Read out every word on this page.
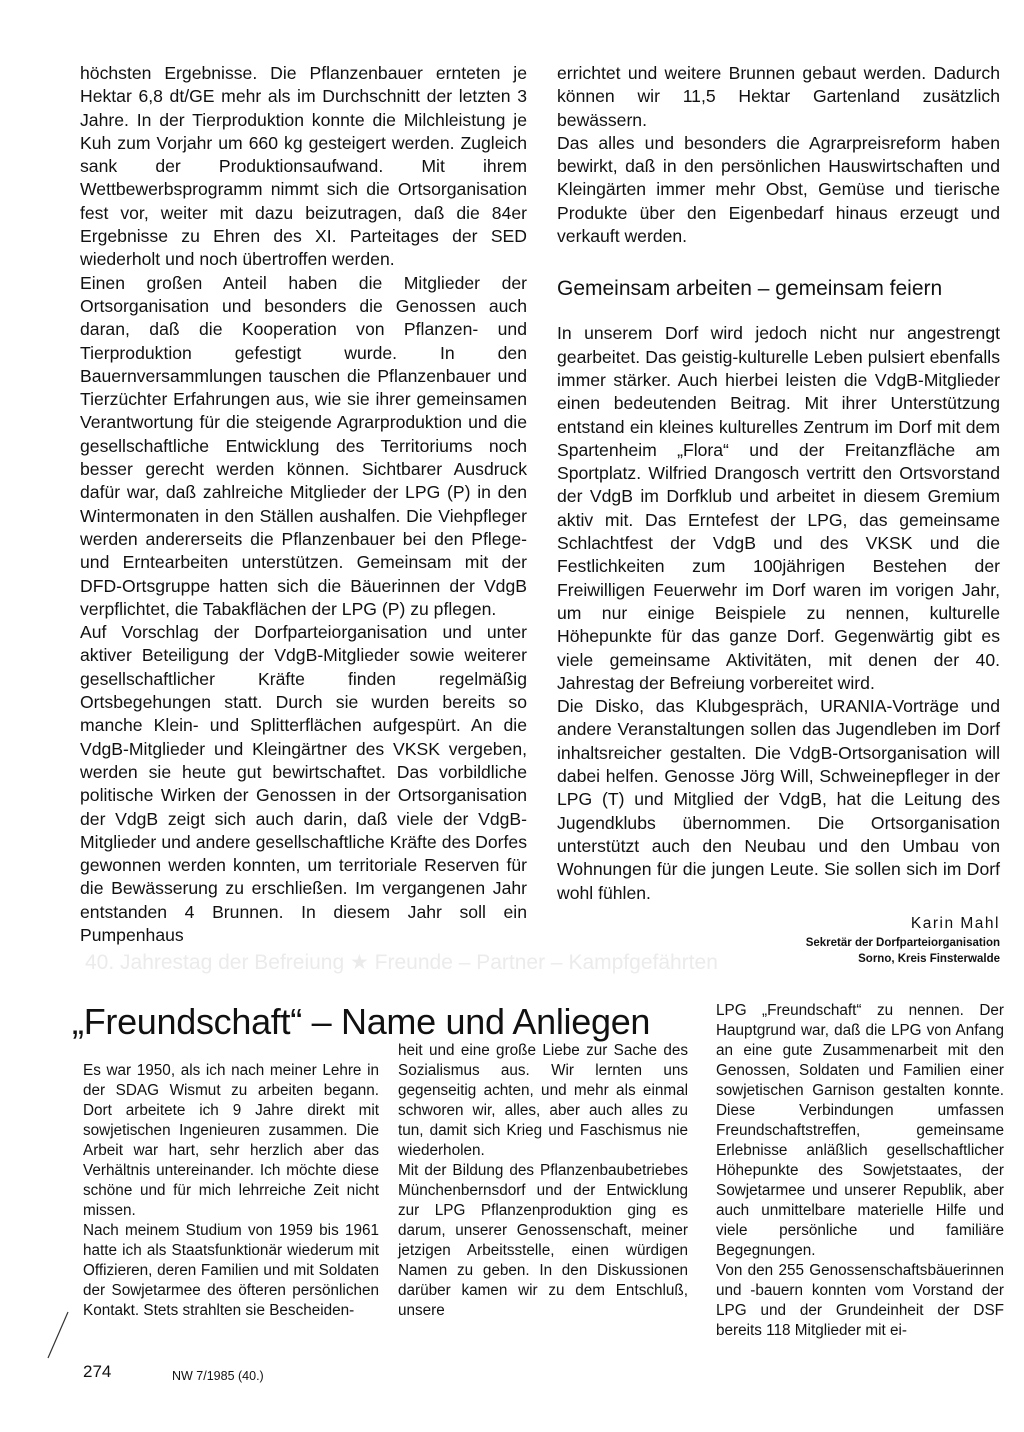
höchsten Ergebnisse. Die Pflanzenbauer ernteten je Hektar 6,8 dt/GE mehr als im Durchschnitt der letzten 3 Jahre. In der Tierproduktion konnte die Milchleistung je Kuh zum Vorjahr um 660 kg gesteigert werden. Zugleich sank der Produktionsaufwand. Mit ihrem Wettbewerbsprogramm nimmt sich die Ortsorganisation fest vor, weiter mit dazu beizutragen, daß die 84er Ergebnisse zu Ehren des XI. Parteitages der SED wiederholt und noch übertroffen werden.

Einen großen Anteil haben die Mitglieder der Ortsorganisation und besonders die Genossen auch daran, daß die Kooperation von Pflanzen- und Tierproduktion gefestigt wurde. In den Bauernversammlungen tauschen die Pflanzenbauer und Tierzüchter Erfahrungen aus, wie sie ihrer gemeinsamen Verantwortung für die steigende Agrarproduktion und die gesellschaftliche Entwicklung des Territoriums noch besser gerecht werden können. Sichtbarer Ausdruck dafür war, daß zahlreiche Mitglieder der LPG (P) in den Wintermonaten in den Ställen aushalfen. Die Viehpfleger werden andererseits die Pflanzenbauer bei den Pflege- und Erntearbeiten unterstützen. Gemeinsam mit der DFD-Ortsgruppe hatten sich die Bäuerinnen der VdgB verpflichtet, die Tabakflächen der LPG (P) zu pflegen.

Auf Vorschlag der Dorfparteiorganisation und unter aktiver Beteiligung der VdgB-Mitglieder sowie weiterer gesellschaftlicher Kräfte finden regelmäßig Ortsbegehungen statt. Durch sie wurden bereits so manche Klein- und Splitterflächen aufgespürt. An die VdgB-Mitglieder und Kleingärtner des VKSK vergeben, werden sie heute gut bewirtschaftet. Das vorbildliche politische Wirken der Genossen in der Ortsorganisation der VdgB zeigt sich auch darin, daß viele der VdgB-Mitglieder und andere gesellschaftliche Kräfte des Dorfes gewonnen werden konnten, um territoriale Reserven für die Bewässerung zu erschließen. Im vergangenen Jahr entstanden 4 Brunnen. In diesem Jahr soll ein Pumpenhaus

errichtet und weitere Brunnen gebaut werden. Dadurch können wir 11,5 Hektar Gartenland zusätzlich bewässern.

Das alles und besonders die Agrarpreisreform haben bewirkt, daß in den persönlichen Hauswirtschaften und Kleingärten immer mehr Obst, Gemüse und tierische Produkte über den Eigenbedarf hinaus erzeugt und verkauft werden.

Gemeinsam arbeiten – gemeinsam feiern

In unserem Dorf wird jedoch nicht nur angestrengt gearbeitet. Das geistig-kulturelle Leben pulsiert ebenfalls immer stärker. Auch hierbei leisten die VdgB-Mitglieder einen bedeutenden Beitrag. Mit ihrer Unterstützung entstand ein kleines kulturelles Zentrum im Dorf mit dem Spartenheim „Flora“ und der Freitanzfläche am Sportplatz. Wilfried Drangosch vertritt den Ortsvorstand der VdgB im Dorfklub und arbeitet in diesem Gremium aktiv mit. Das Erntefest der LPG, das gemeinsame Schlachtfest der VdgB und des VKSK und die Festlichkeiten zum 100jährigen Bestehen der Freiwilligen Feuerwehr im Dorf waren im vorigen Jahr, um nur einige Beispiele zu nennen, kulturelle Höhepunkte für das ganze Dorf. Gegenwärtig gibt es viele gemeinsame Aktivitäten, mit denen der 40. Jahrestag der Befreiung vorbereitet wird.

Die Disko, das Klubgespräch, URANIA-Vorträge und andere Veranstaltungen sollen das Jugendleben im Dorf inhaltsreicher gestalten. Die VdgB-Ortsorganisation will dabei helfen. Genosse Jörg Will, Schweinepfleger in der LPG (T) und Mitglied der VdgB, hat die Leitung des Jugendklubs übernommen. Die Ortsorganisation unterstützt auch den Neubau und den Umbau von Wohnungen für die jungen Leute. Sie sollen sich im Dorf wohl fühlen.

Karin Mahl
Sekretär der Dorfparteiorganisation
Sorno, Kreis Finsterwalde
40. Jahrestag der Befreiung ★ Freunde – Partner – Kampfgefährten
„Freundschaft“ – Name und Anliegen

Es war 1950, als ich nach meiner Lehre in der SDAG Wismut zu arbeiten begann. Dort arbeitete ich 9 Jahre direkt mit sowjetischen Ingenieuren zusammen. Die Arbeit war hart, sehr herzlich aber das Verhältnis untereinander. Ich möchte diese schöne und für mich lehrreiche Zeit nicht missen.

Nach meinem Studium von 1959 bis 1961 hatte ich als Staatsfunktionär wiederum mit Offizieren, deren Familien und mit Soldaten der Sowjetarmee des öfteren persönlichen Kontakt. Stets strahlten sie Bescheiden-

heit und eine große Liebe zur Sache des Sozialismus aus. Wir lernten uns gegenseitig achten, und mehr als einmal schworen wir, alles, aber auch alles zu tun, damit sich Krieg und Faschismus nie wiederholen.

Mit der Bildung des Pflanzenbaubetriebes Münchenbernsdorf und der Entwicklung zur LPG Pflanzenproduktion ging es darum, unserer Genossenschaft, meiner jetzigen Arbeitsstelle, einen würdigen Namen zu geben. In den Diskussionen darüber kamen wir zu dem Entschluß, unsere

LPG „Freundschaft“ zu nennen. Der Hauptgrund war, daß die LPG von Anfang an eine gute Zusammenarbeit mit den Genossen, Soldaten und Familien einer sowjetischen Garnison gestalten konnte. Diese Verbindungen umfassen Freundschaftstreffen, gemeinsame Erlebnisse anläßlich gesellschaftlicher Höhepunkte des Sowjetstaates, der Sowjetarmee und unserer Republik, aber auch unmittelbare materielle Hilfe und viele persönliche und familiäre Begegnungen.

Von den 255 Genossenschaftsbäuerinnen und -bauern konnten vom Vorstand der LPG und der Grundeinheit der DSF bereits 118 Mitglieder mit ei-

274	NW 7/1985 (40.)
